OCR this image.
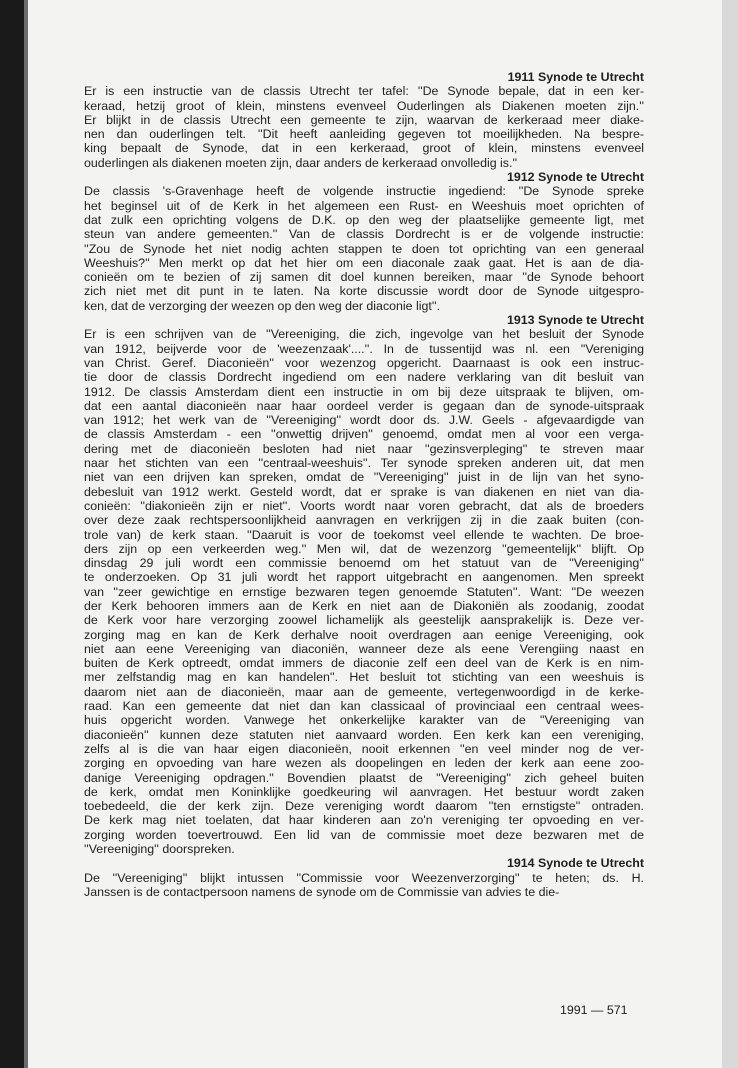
1911 Synode te Utrecht
Er is een instructie van de classis Utrecht ter tafel: ''De Synode bepale, dat in een ker-
keraad, hetzij groot of klein, minstens evenveel Ouderlingen als Diakenen moeten zijn.''
Er blijkt in de classis Utrecht een gemeente te zijn, waarvan de kerkeraad meer diake-
nen dan ouderlingen telt. ''Dit heeft aanleiding gegeven tot moeilijkheden. Na bespre-
king bepaalt de Synode, dat in een kerkeraad, groot of klein, minstens evenveel
ouderlingen als diakenen moeten zijn, daar anders de kerkeraad onvolledig is.''
1912 Synode te Utrecht
De classis 's-Gravenhage heeft de volgende instructie ingediend: ''De Synode spreke
het beginsel uit of de Kerk in het algemeen een Rust- en Weeshuis moet oprichten of
dat zulk een oprichting volgens de D.K. op den weg der plaatselijke gemeente ligt, met
steun van andere gemeenten.'' Van de classis Dordrecht is er de volgende instructie:
''Zou de Synode het niet nodig achten stappen te doen tot oprichting van een generaal
Weeshuis?'' Men merkt op dat het hier om een diaconale zaak gaat. Het is aan de dia-
conieën om te bezien of zij samen dit doel kunnen bereiken, maar ''de Synode behoort
zich niet met dit punt in te laten. Na korte discussie wordt door de Synode uitgespro-
ken, dat de verzorging der weezen op den weg der diaconie ligt''.
1913 Synode te Utrecht
Er is een schrijven van de ''Vereeniging, die zich, ingevolge van het besluit der Synode
van 1912, beijverde voor de 'weezenzaak'....''. In de tussentijd was nl. een ''Vereniging
van Christ. Geref. Diaconieën'' voor wezenzog opgericht. Daarnaast is ook een instruc-
tie door de classis Dordrecht ingediend om een nadere verklaring van dit besluit van
1912. De classis Amsterdam dient een instructie in om bij deze uitspraak te blijven, om-
dat een aantal diaconieën naar haar oordeel verder is gegaan dan de synode-uitspraak
van 1912; het werk van de ''Vereeniging'' wordt door ds. J.W. Geels - afgevaardigde van
de classis Amsterdam - een ''onwettig drijven'' genoemd, omdat men al voor een verga-
dering met de diaconieën besloten had niet naar ''gezinsverpleging'' te streven maar
naar het stichten van een ''centraal-weeshuis''. Ter synode spreken anderen uit, dat men
niet van een drijven kan spreken, omdat de ''Vereeniging'' juist in de lijn van het syno-
debesluit van 1912 werkt. Gesteld wordt, dat er sprake is van diakenen en niet van dia-
conieën: ''diakonieën zijn er niet''. Voorts wordt naar voren gebracht, dat als de broeders
over deze zaak rechtspersoonlijkheid aanvragen en verkrijgen zij in die zaak buiten (con-
trole van) de kerk staan. ''Daaruit is voor de toekomst veel ellende te wachten. De broe-
ders zijn op een verkeerden weg.'' Men wil, dat de wezenzorg ''gemeentelijk'' blijft. Op
dinsdag 29 juli wordt een commissie benoemd om het statuut van de ''Vereeniging''
te onderzoeken. Op 31 juli wordt het rapport uitgebracht en aangenomen. Men spreekt
van ''zeer gewichtige en ernstige bezwaren tegen genoemde Statuten''. Want: ''De weezen
der Kerk behooren immers aan de Kerk en niet aan de Diakoniën als zoodanig, zoodat
de Kerk voor hare verzorging zoowel lichamelijk als geestelijk aansprakelijk is. Deze ver-
zorging mag en kan de Kerk derhalve nooit overdragen aan eenige Vereeniging, ook
niet aan eene Vereeniging van diaconiën, wanneer deze als eene Verengiing naast en
buiten de Kerk optreedt, omdat immers de diaconie zelf een deel van de Kerk is en nim-
mer zelfstandig mag en kan handelen''. Het besluit tot stichting van een weeshuis is
daarom niet aan de diaconieën, maar aan de gemeente, vertegenwoordigd in de kerke-
raad. Kan een gemeente dat niet dan kan classicaal of provinciaal een centraal wees-
huis opgericht worden. Vanwege het onkerkelijke karakter van de ''Vereeniging van
diaconieën'' kunnen deze statuten niet aanvaard worden. Een kerk kan een vereniging,
zelfs al is die van haar eigen diaconieën, nooit erkennen ''en veel minder nog de ver-
zorging en opvoeding van hare wezen als doopelingen en leden der kerk aan eene zoo-
danige Vereeniging opdragen.'' Bovendien plaatst de ''Vereeniging'' zich geheel buiten
de kerk, omdat men Koninklijke goedkeuring wil aanvragen. Het bestuur wordt zaken
toebedeeld, die der kerk zijn. Deze vereniging wordt daarom ''ten ernstigste'' ontraden.
De kerk mag niet toelaten, dat haar kinderen aan zo'n vereniging ter opvoeding en ver-
zorging worden toevertrouwd. Een lid van de commissie moet deze bezwaren met de
''Vereeniging'' doorspreken.
1914 Synode te Utrecht
De ''Vereeniging'' blijkt intussen ''Commissie voor Weezenverzorging'' te heten; ds. H.
Janssen is de contactpersoon namens de synode om de Commissie van advies te die-
1991 — 571
